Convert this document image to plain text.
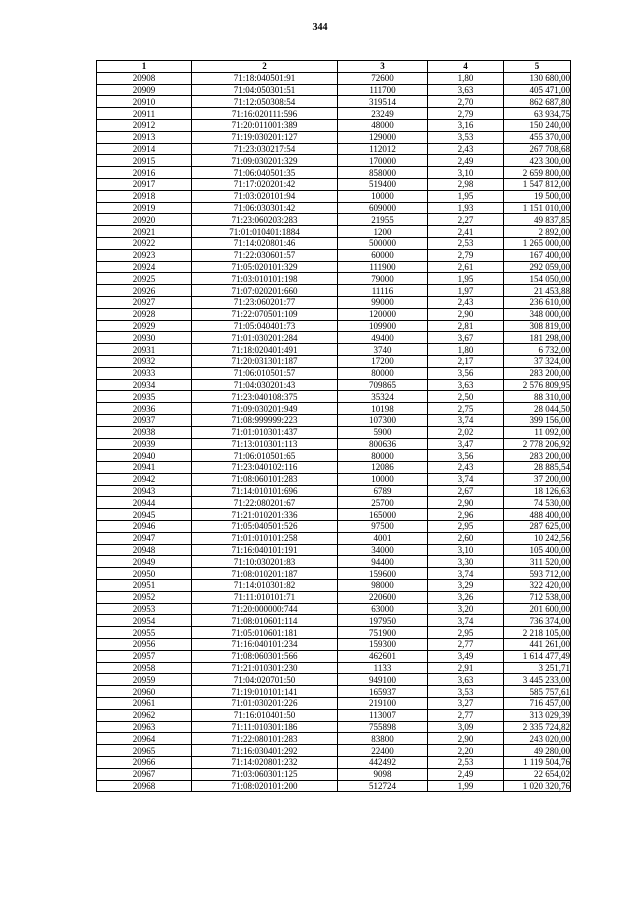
344
1	2	3	4	5
20908	71:18:040501:91	72600	1,80	130 680,00
20909	71:04:050301:51	111700	3,63	405 471,00
20910	71:12:050308:54	319514	2,70	862 687,80
20911	71:16:020111:596	23249	2,79	63 934,75
20912	71:20:011001:389	48000	3,16	150 240,00
20913	71:19:030201:127	129000	3,53	455 370,00
20914	71:23:030217:54	112012	2,43	267 708,68
20915	71:09:030201:329	170000	2,49	423 300,00
20916	71:06:040501:35	858000	3,10	2 659 800,00
20917	71:17:020201:42	519400	2,98	1 547 812,00
20918	71:03:020101:94	10000	1,95	19 500,00
20919	71:06:030301:42	609000	1,93	1 151 010,00
20920	71:23:060203:283	21955	2,27	49 837,85
20921	71:01:010401:1884	1200	2,41	2 892,00
20922	71:14:020801:46	500000	2,53	1 265 000,00
20923	71:22:030601:57	60000	2,79	167 400,00
20924	71:05:020101:329	111900	2,61	292 059,00
20925	71:03:010101:198	79000	1,95	154 050,00
20926	71:07:020201:660	11116	1,97	21 453,88
20927	71:23:060201:77	99000	2,43	236 610,00
20928	71:22:070501:109	120000	2,90	348 000,00
20929	71:05:040401:73	109900	2,81	308 819,00
20930	71:01:030201:284	49400	3,67	181 298,00
20931	71:18:020401:491	3740	1,80	6 732,00
20932	71:20:031301:187	17200	2,17	37 324,00
20933	71:06:010501:57	80000	3,56	283 200,00
20934	71:04:030201:43	709865	3,63	2 576 809,95
20935	71:23:040108:375	35324	2,50	88 310,00
20936	71:09:030201:949	10198	2,75	28 044,50
20937	71:08:999999:223	107300	3,74	399 156,00
20938	71:01:010301:437	5900	2,02	11 092,00
20939	71:13:010301:113	800636	3,47	2 778 206,92
20940	71:06:010501:65	80000	3,56	283 200,00
20941	71:23:040102:116	12086	2,43	28 885,54
20942	71:08:060101:283	10000	3,74	37 200,00
20943	71:14:010101:696	6789	2,67	18 126,63
20944	71:22:080201:67	25700	2,90	74 530,00
20945	71:21:010201:336	165000	2,96	488 400,00
20946	71:05:040501:526	97500	2,95	287 625,00
20947	71:01:010101:258	4001	2,60	10 242,56
20948	71:16:040101:191	34000	3,10	105 400,00
20949	71:10:030201:83	94400	3,30	311 520,00
20950	71:08:010201:187	159600	3,74	593 712,00
20951	71:14:010301:82	98000	3,29	322 420,00
20952	71:11:010101:71	220600	3,26	712 538,00
20953	71:20:000000:744	63000	3,20	201 600,00
20954	71:08:010601:114	197950	3,74	736 374,00
20955	71:05:010601:181	751900	2,95	2 218 105,00
20956	71:16:040101:234	159300	2,77	441 261,00
20957	71:08:060301:566	462601	3,49	1 614 477,49
20958	71:21:010301:230	1133	2,91	3 251,71
20959	71:04:020701:50	949100	3,63	3 445 233,00
20960	71:19:010101:141	165937	3,53	585 757,61
20961	71:01:030201:226	219100	3,27	716 457,00
20962	71:16:010401:50	113007	2,77	313 029,39
20963	71:11:010301:186	755898	3,09	2 335 724,82
20964	71:22:080101:283	83800	2,90	243 020,00
20965	71:16:030401:292	22400	2,20	49 280,00
20966	71:14:020801:232	442492	2,53	1 119 504,76
20967	71:03:060301:125	9098	2,49	22 654,02
20968	71:08:020101:200	512724	1,99	1 020 320,76
